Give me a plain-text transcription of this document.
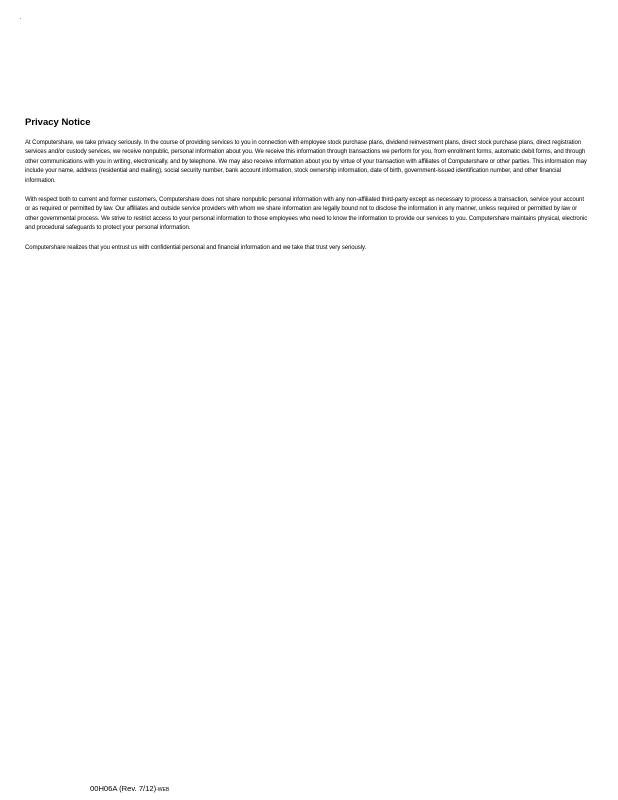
Privacy Notice

At Computershare, we take privacy seriously. In the course of providing services to you in connection with employee stock purchase plans, dividend reinvestment plans, direct stock purchase plans, direct registration services and/or custody services, we receive nonpublic, personal information about you. We receive this information through transactions we perform for you, from enrollment forms, automatic debit forms, and through other communications with you in writing, electronically, and by telephone. We may also receive information about you by virtue of your transaction with affiliates of Computershare or other parties. This information may include your name, address (residential and mailing), social security number, bank account information, stock ownership information, date of birth, government-issued identification number, and other financial information.

With respect both to current and former customers, Computershare does not share nonpublic personal information with any non-affiliated third-party except as necessary to process a transaction, service your account or as required or permitted by law. Our affiliates and outside service providers with whom we share information are legally bound not to disclose the information in any manner, unless required or permitted by law or other governmental process. We strive to restrict access to your personal information to those employees who need to know the information to provide our services to you. Computershare maintains physical, electronic and procedural safeguards to protect your personal information.

Computershare realizes that you entrust us with confidential personal and financial information and we take that trust very seriously.

00H06A (Rev. 7/12)-WEB
